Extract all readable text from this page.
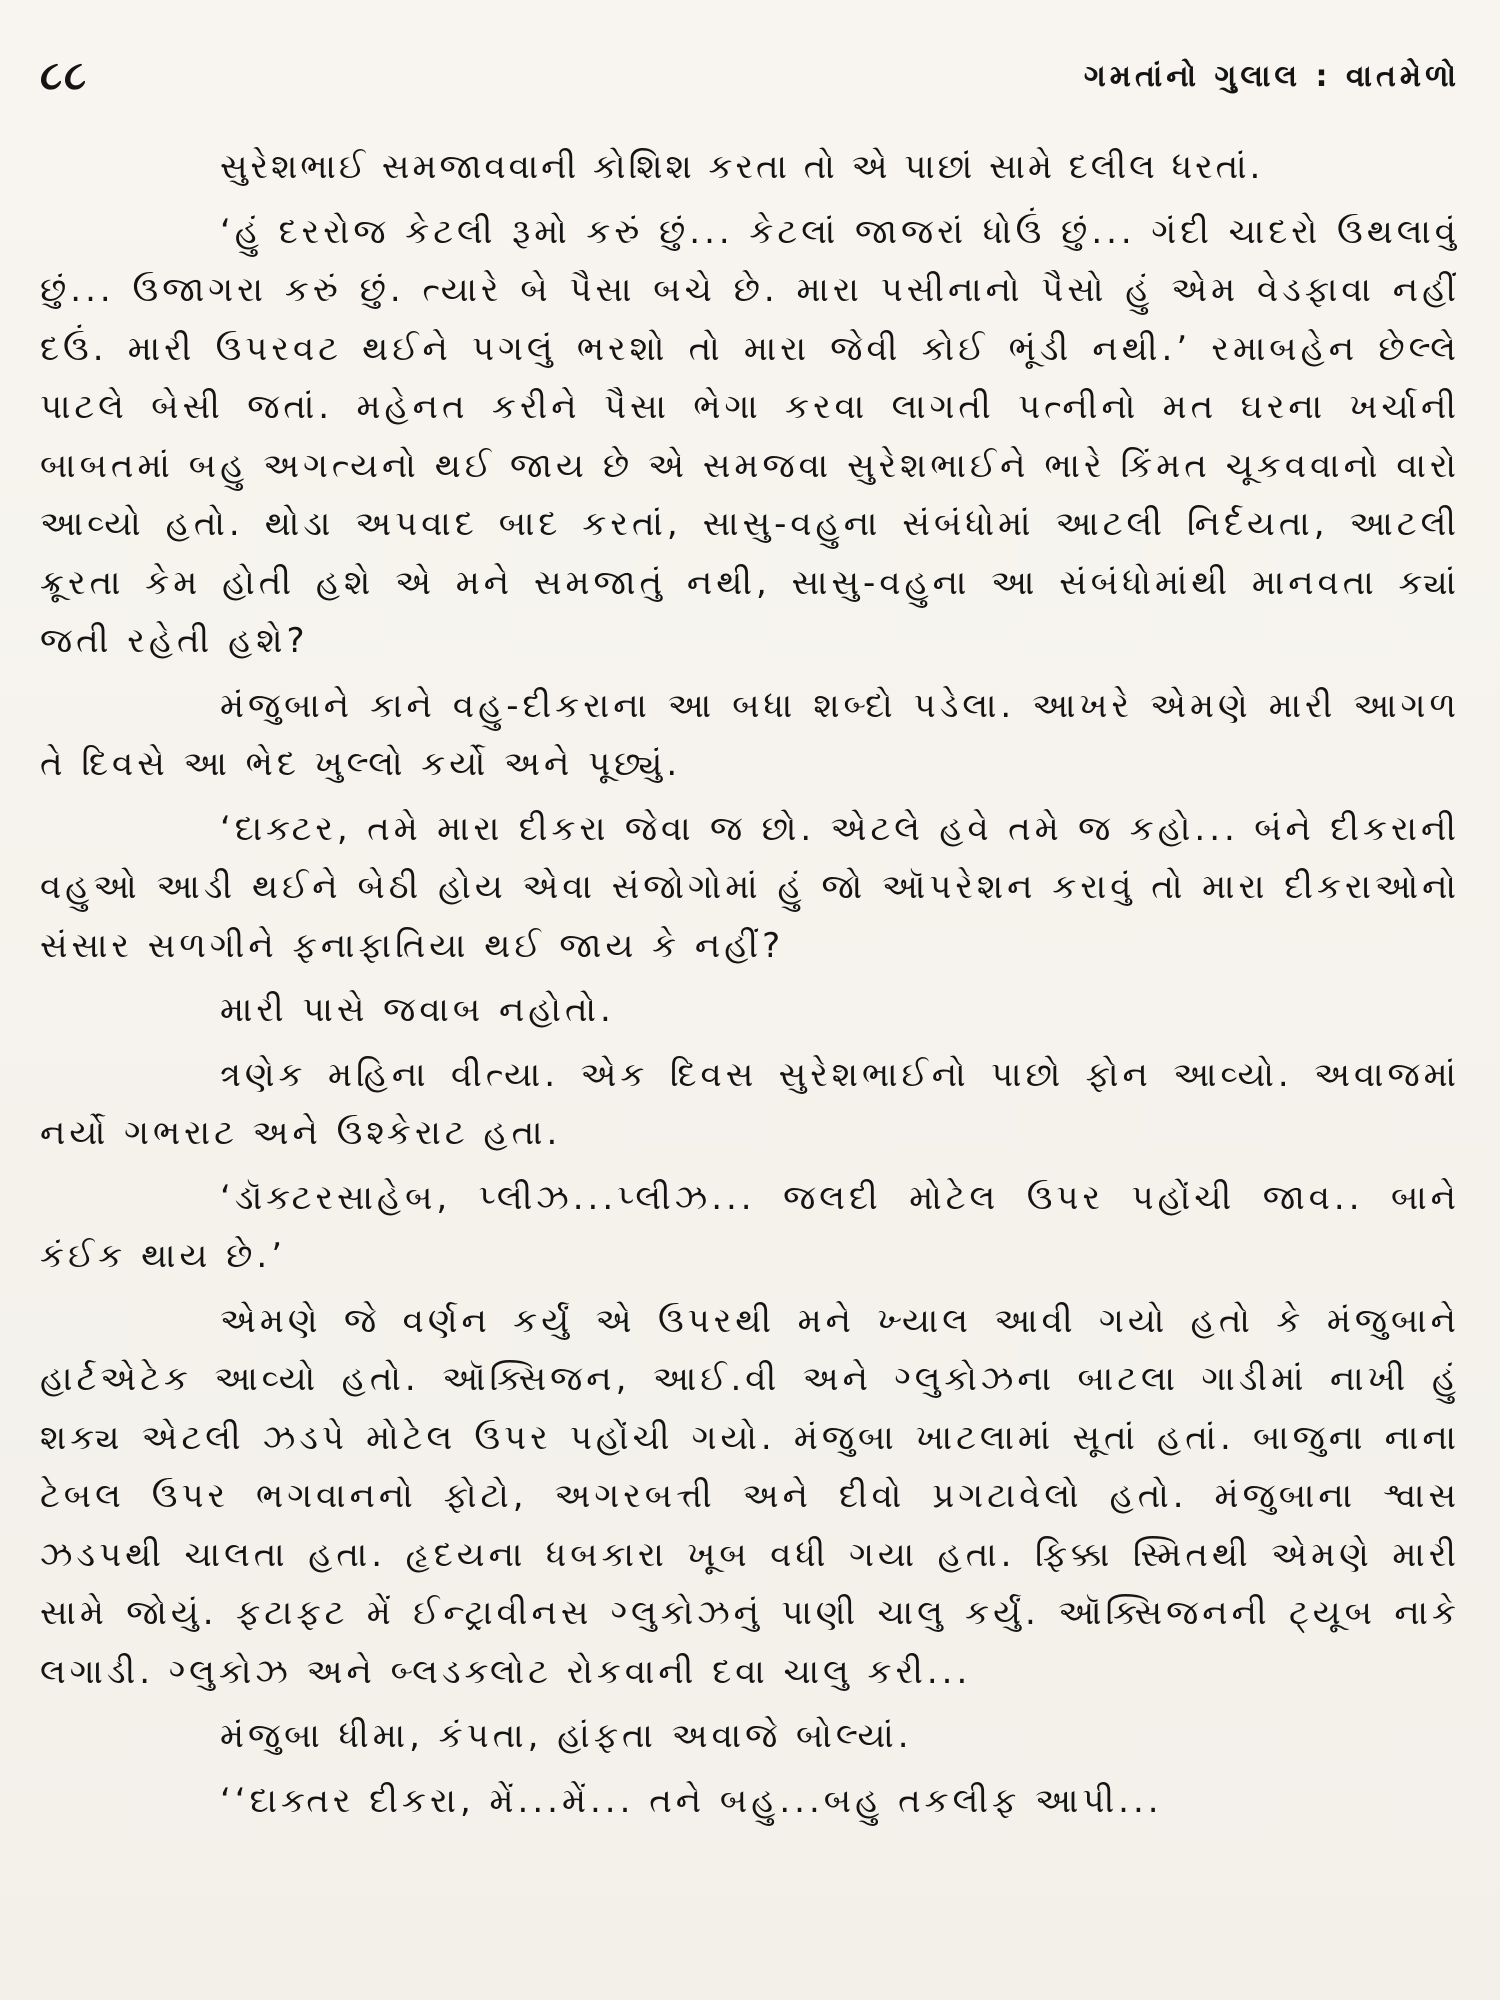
૮૮	ગમતાંનો ગુલાલ : વાતમેળો

સુરેશભાઈ સમજાવવાની કોશિશ કરતા તો એ પાછાં સામે દલીલ ધરતાં.

‘હું દરરોજ કેટલી રૂમો કરું છું... કેટલાં જાજરાં ધોઉં છું... ગંદી ચાદરો ઉથલાવું છું... ઉજાગરા કરું છું. ત્યારે બે પૈસા બચે છે. મારા પસીનાનો પૈસો હું એમ વેડફાવા નહીં દઉં. મારી ઉપરવટ થઈને પગલું ભરશો તો મારા જેવી કોઈ ભૂંડી નથી.’ રમાબહેન છેલ્લે પાટલે બેસી જતાં. મહેનત કરીને પૈસા ભેગા કરવા લાગતી પત્નીનો મત ઘરના ખર્ચાની બાબતમાં બહુ અગત્યનો થઈ જાય છે એ સમજવા સુરેશભાઈને ભારે કિંમત ચૂકવવાનો વારો આવ્યો હતો. થોડા અપવાદ બાદ કરતાં, સાસુ-વહુના સંબંધોમાં આટલી નિર્દયતા, આટલી ક્રૂરતા કેમ હોતી હશે એ મને સમજાતું નથી, સાસુ-વહુના આ સંબંધોમાંથી માનવતા ક્યાં જતી રહેતી હશે?

મંજુબાને કાને વહુ-દીકરાના આ બધા શબ્દો પડેલા. આખરે એમણે મારી આગળ તે દિવસે આ ભેદ ખુલ્લો કર્યો અને પૂછ્યું.

‘દાક્ટર, તમે મારા દીકરા જેવા જ છો. એટલે હવે તમે જ કહો... બંને દીકરાની વહુઓ આડી થઈને બેઠી હોય એવા સંજોગોમાં હું જો ઑપરેશન કરાવું તો મારા દીકરાઓનો સંસાર સળગીને ફનાફાતિયા થઈ જાય કે નહીં?

મારી પાસે જવાબ નહોતો.

ત્રણેક મહિના વીત્યા. એક દિવસ સુરેશભાઈનો પાછો ફોન આવ્યો. અવાજમાં નર્યો ગભરાટ અને ઉશ્કેરાટ હતા.

‘ડૉક્ટરસાહેબ, પ્લીઝ...પ્લીઝ... જલદી મોટેલ ઉપર પહોંચી જાવ.. બાને કંઈક થાય છે.’

એમણે જે વર્ણન કર્યું એ ઉપરથી મને ખ્યાલ આવી ગયો હતો કે મંજુબાને હાર્ટએટેક આવ્યો હતો. ઑક્સિજન, આઈ.વી અને ગ્લુકોઝના બાટલા ગાડીમાં નાખી હું શક્ય એટલી ઝડપે મોટેલ ઉપર પહોંચી ગયો. મંજુબા ખાટલામાં સૂતાં હતાં. બાજુના નાના ટેબલ ઉપર ભગવાનનો ફોટો, અગરબત્તી અને દીવો પ્રગટાવેલો હતો. મંજુબાના શ્વાસ ઝડપથી ચાલતા હતા. હૃદયના ધબકારા ખૂબ વધી ગયા હતા. ફિક્કા સ્મિતથી એમણે મારી સામે જોયું. ફટાફટ મેં ઈન્ટ્રાવીનસ ગ્લુકોઝનું પાણી ચાલુ કર્યું. ઑક્સિજનની ટ્યૂબ નાકે લગાડી. ગ્લુકોઝ અને બ્લડક્લોટ રોકવાની દવા ચાલુ કરી...

મંજુબા ધીમા, કંપતા, હાંફતા અવાજે બોલ્યાં.

‘‘દાક્તર દીકરા, મેં...મેં... તને બહુ...બહુ તકલીફ આપી...
